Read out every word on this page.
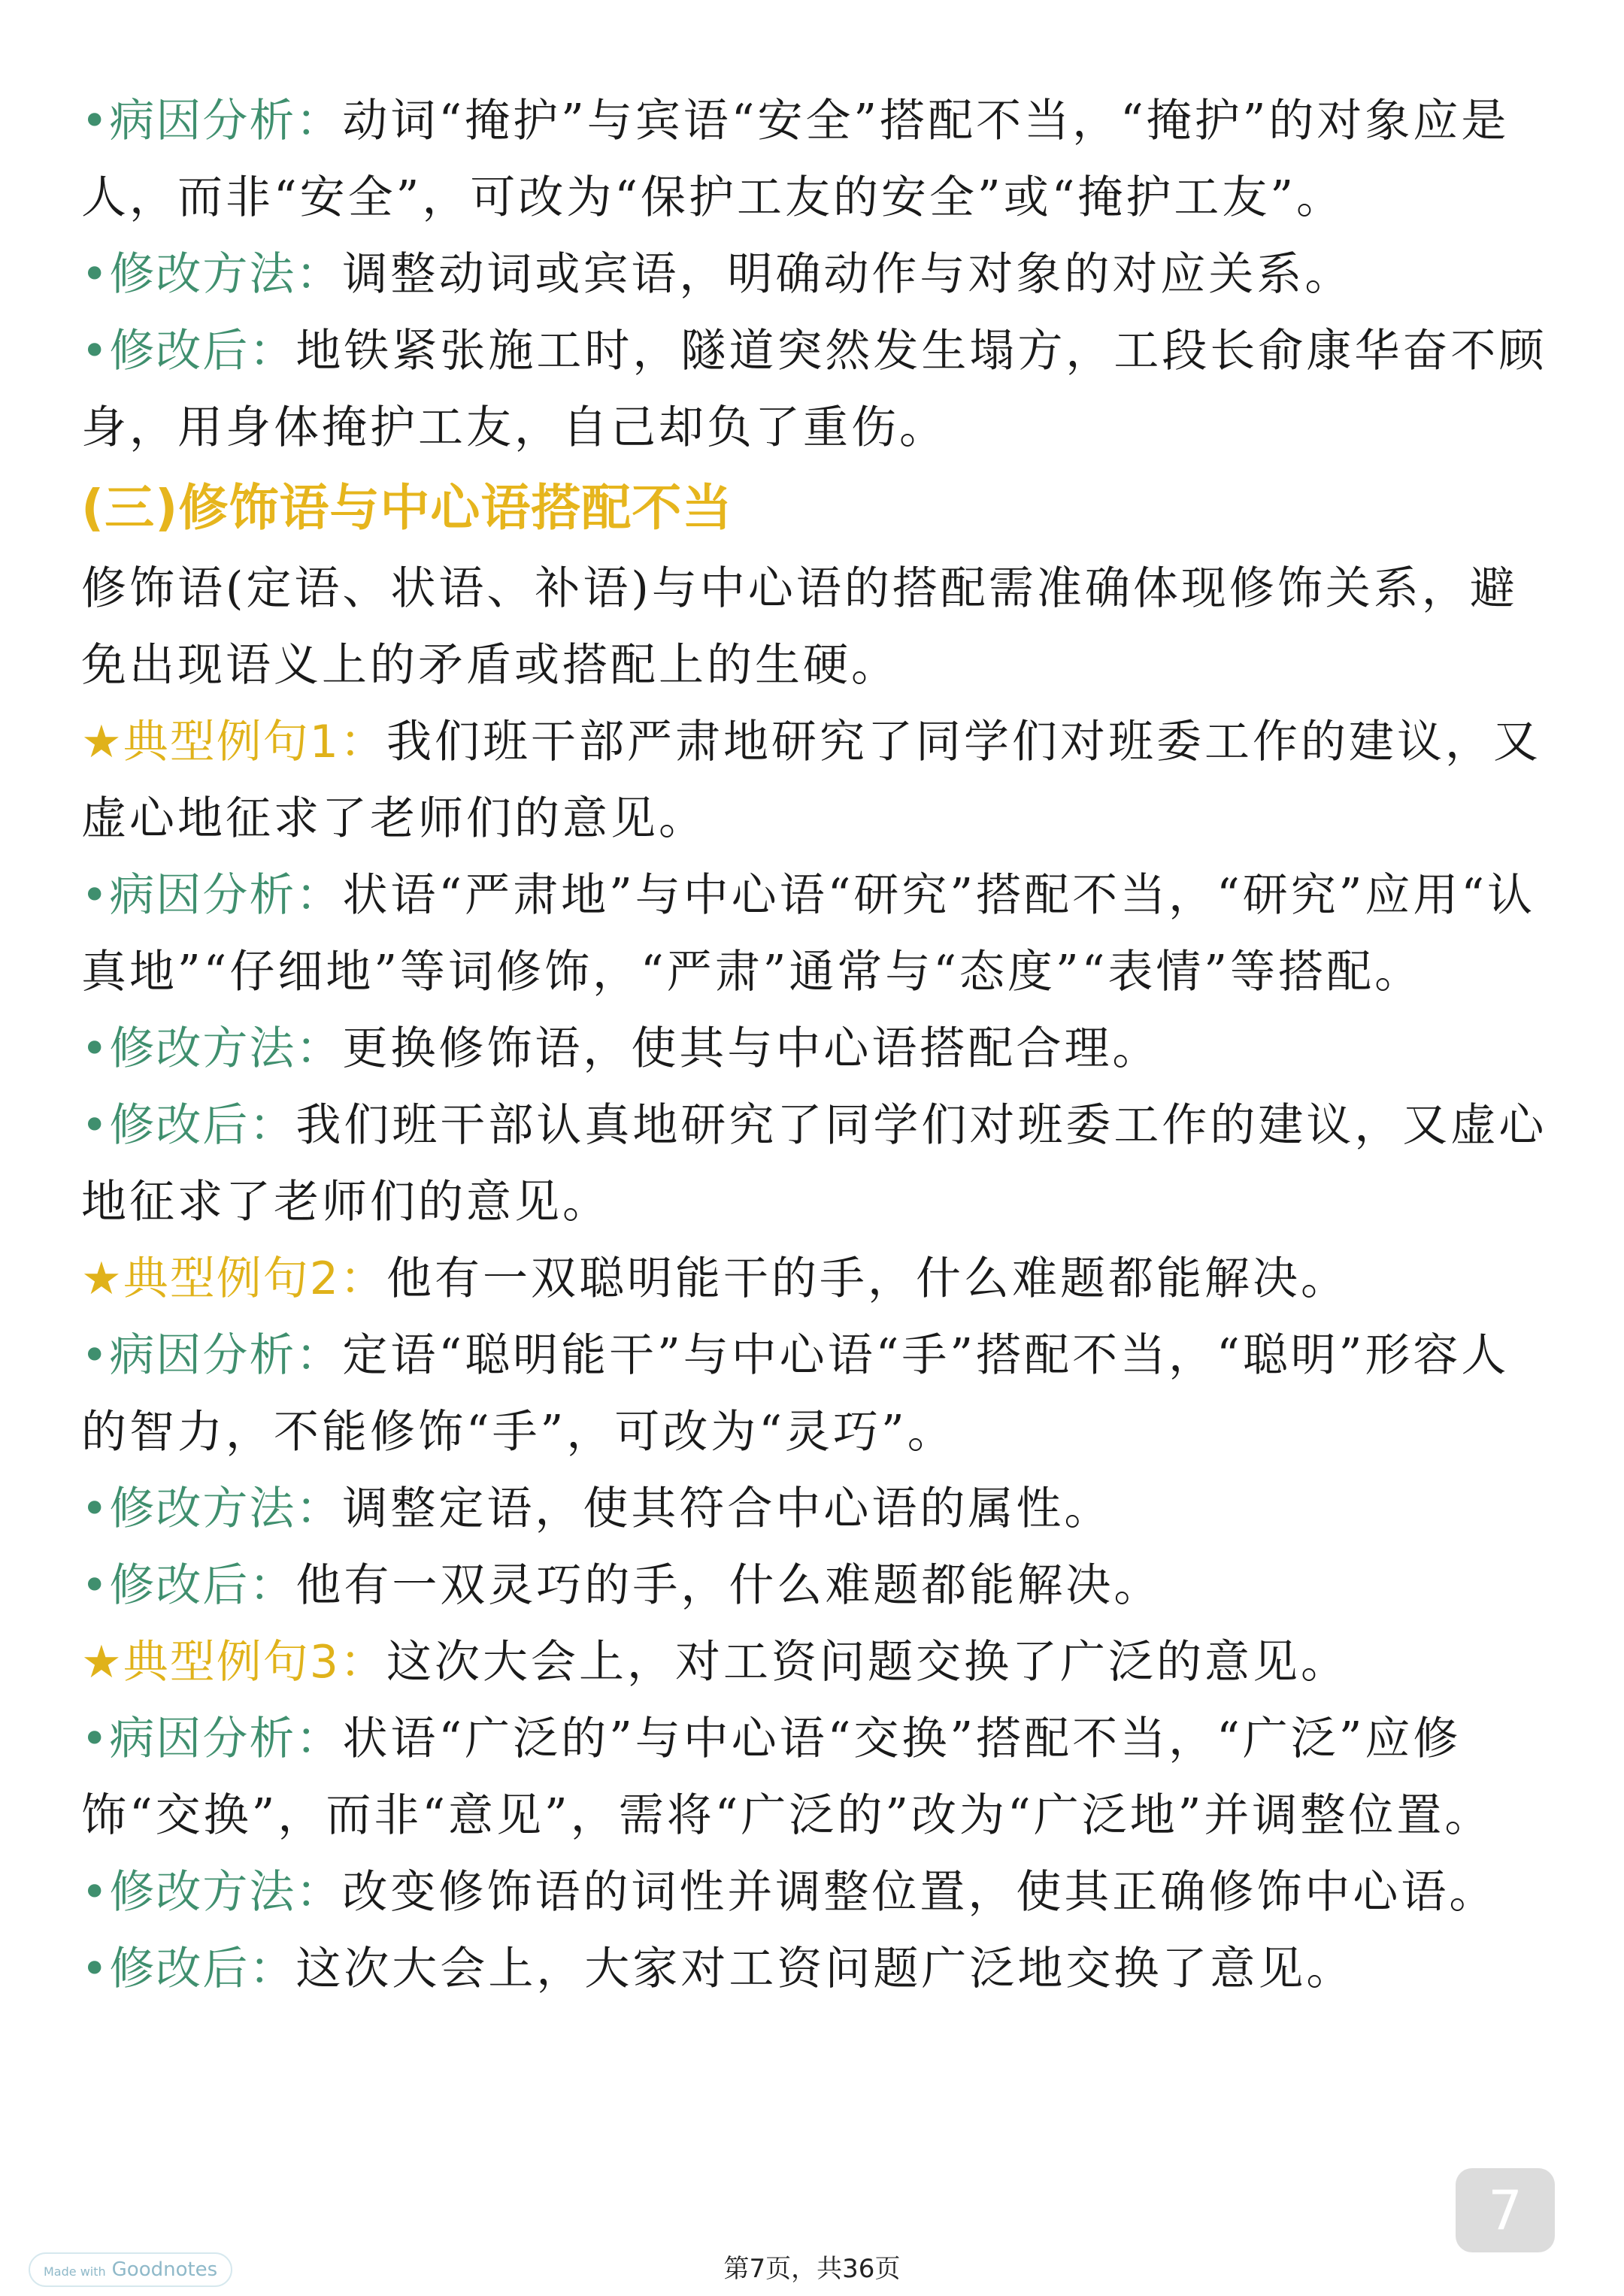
•病因分析：动词“掩护”与宾语“安全”搭配不当，“掩护”的对象应是人，而非“安全”，可改为“保护工友的安全”或“掩护工友”。

•修改方法：调整动词或宾语，明确动作与对象的对应关系。

•修改后：地铁紧张施工时，隧道突然发生塌方，工段长俞康华奋不顾身，用身体掩护工友，自己却负了重伤。

(三)修饰语与中心语搭配不当

修饰语(定语、状语、补语)与中心语的搭配需准确体现修饰关系，避免出现语义上的矛盾或搭配上的生硬。

★典型例句1：我们班干部严肃地研究了同学们对班委工作的建议，又虚心地征求了老师们的意见。

•病因分析：状语“严肃地”与中心语“研究”搭配不当，“研究”应用“认真地”“仔细地”等词修饰，“严肃”通常与“态度”“表情”等搭配。

•修改方法：更换修饰语，使其与中心语搭配合理。

•修改后：我们班干部认真地研究了同学们对班委工作的建议，又虚心地征求了老师们的意见。

★典型例句2：他有一双聪明能干的手，什么难题都能解决。

•病因分析：定语“聪明能干”与中心语“手”搭配不当，“聪明”形容人的智力，不能修饰“手”，可改为“灵巧”。

•修改方法：调整定语，使其符合中心语的属性。

•修改后：他有一双灵巧的手，什么难题都能解决。

★典型例句3：这次大会上，对工资问题交换了广泛的意见。

•病因分析：状语“广泛的”与中心语“交换”搭配不当，“广泛”应修饰“交换”，而非“意见”，需将“广泛的”改为“广泛地”并调整位置。

•修改方法：改变修饰语的词性并调整位置，使其正确修饰中心语。

•修改后：这次大会上，大家对工资问题广泛地交换了意见。

7
第7页，共36页
Made with Goodnotes
